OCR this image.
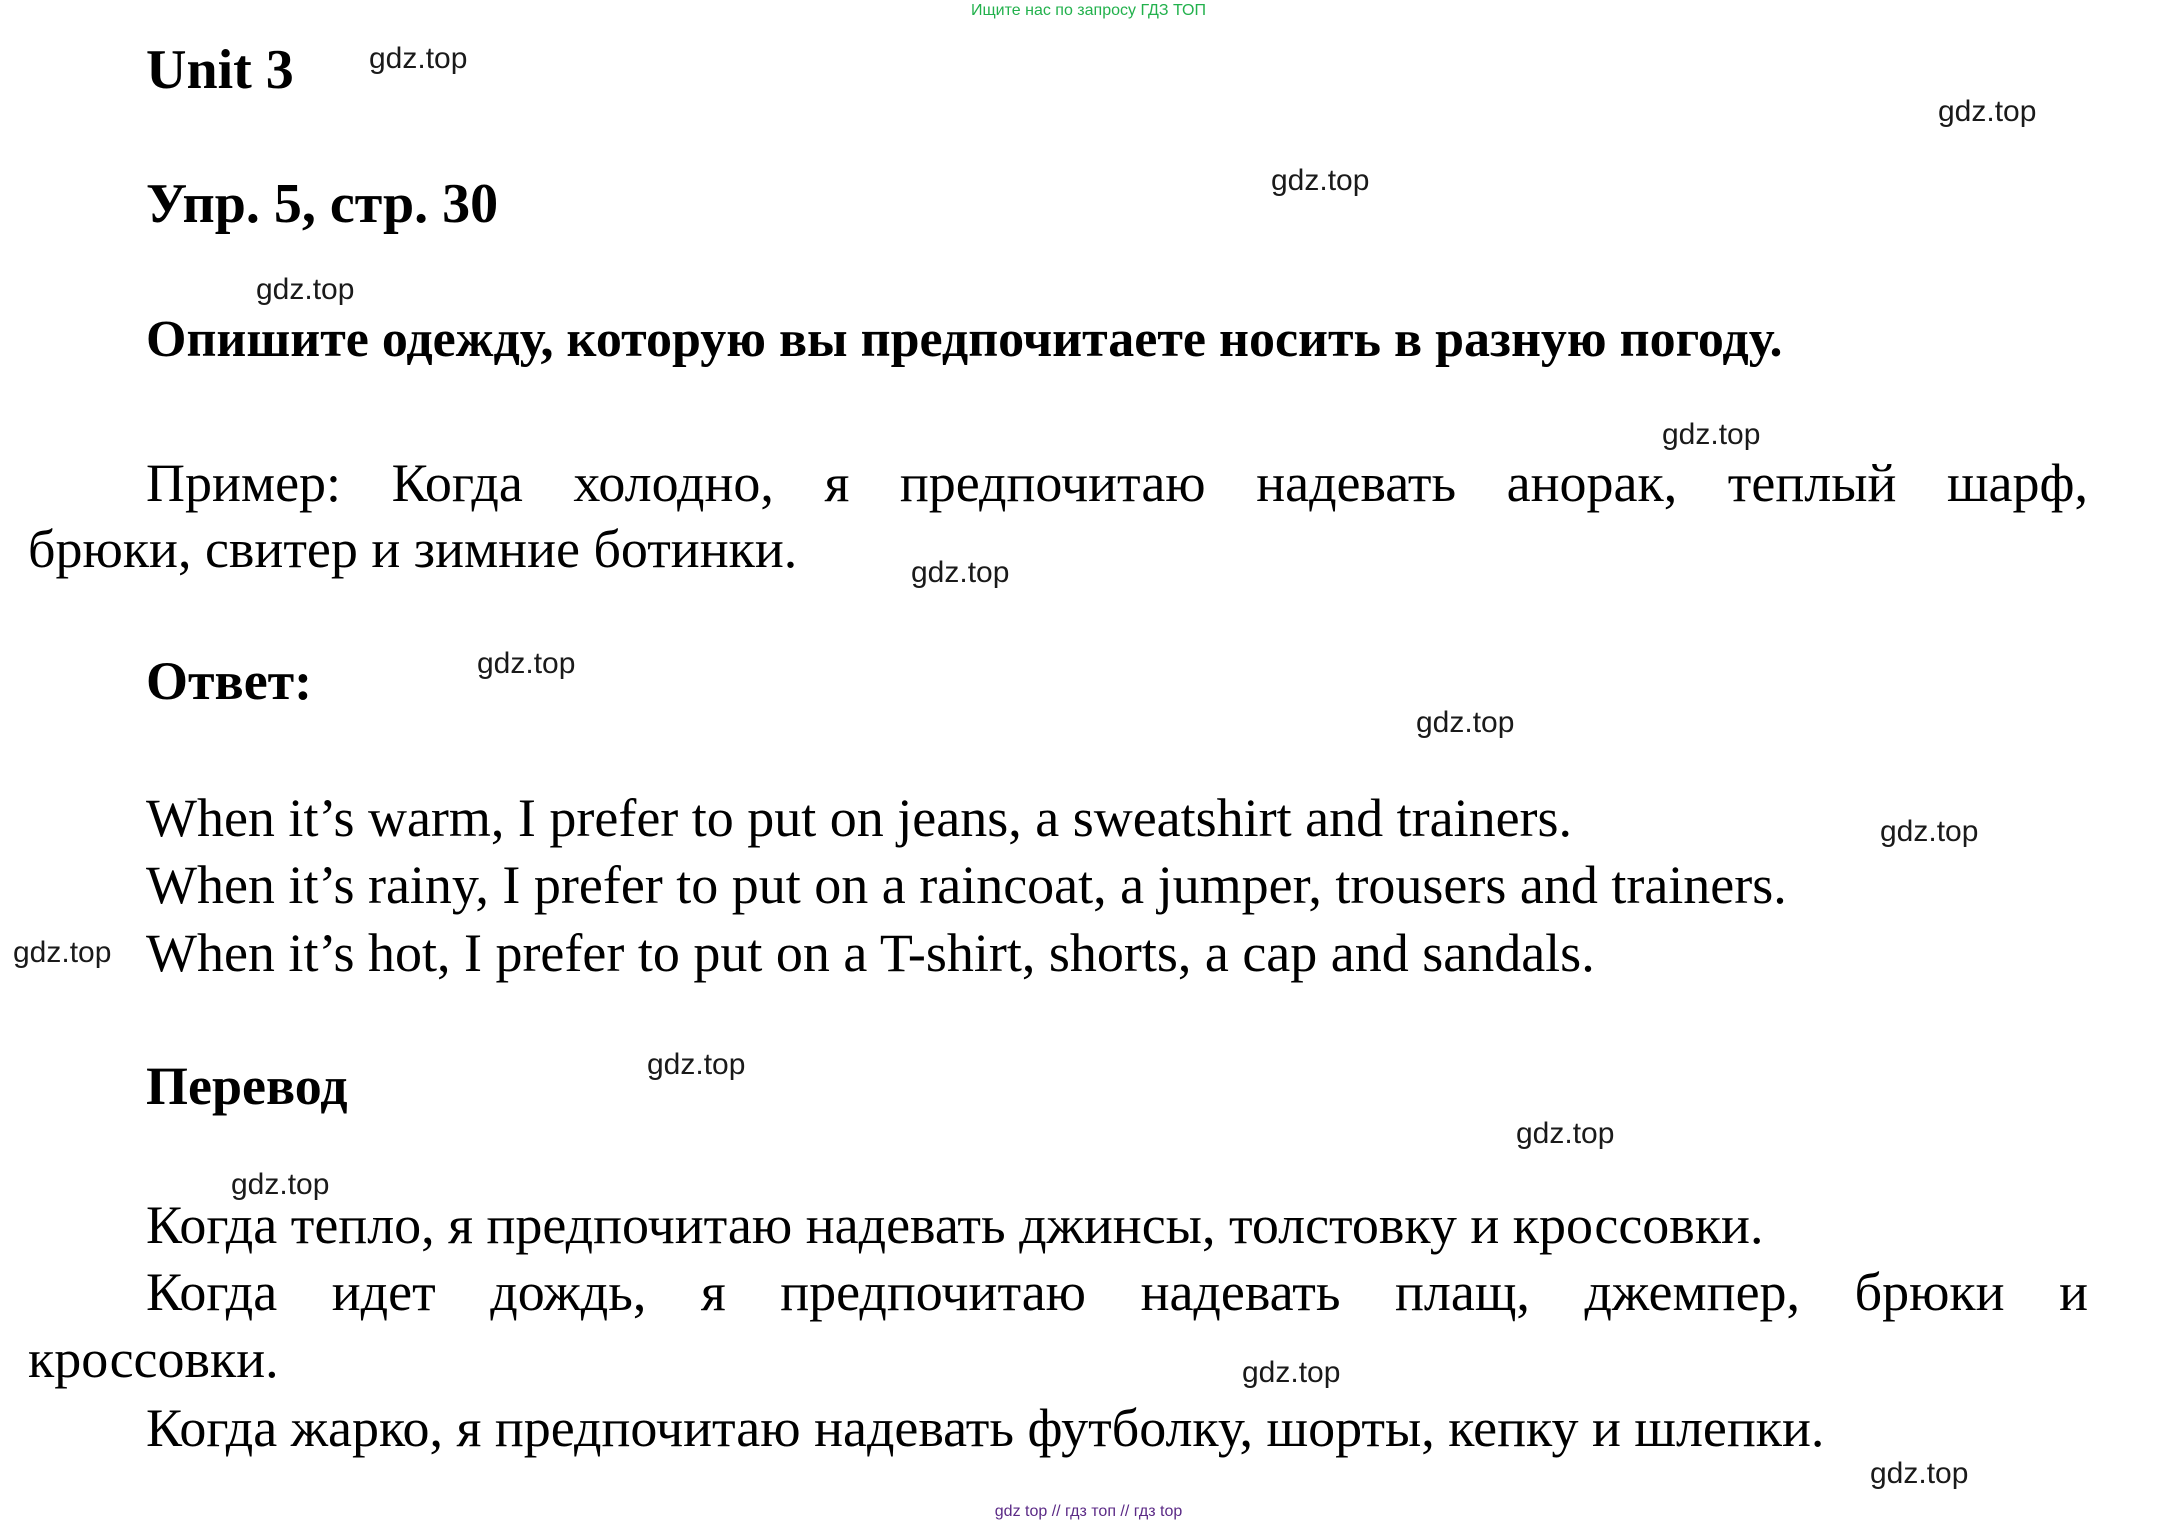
Ищите нас по запросу ГДЗ ТОП
Unit 3
Упр. 5, стр. 30
Опишите одежду, которую вы предпочитаете носить в разную погоду.
Пример: Когда холодно, я предпочитаю надевать анорак, теплый шарф,
брюки, свитер и зимние ботинки.
Ответ:
When it’s warm, I prefer to put on jeans, a sweatshirt and trainers.
When it’s rainy, I prefer to put on a raincoat, a jumper, trousers and trainers.
When it’s hot, I prefer to put on a T-shirt, shorts, a cap and sandals.
Перевод
Когда тепло, я предпочитаю надевать джинсы, толстовку и кроссовки.
Когда идет дождь, я предпочитаю надевать плащ, джемпер, брюки и
кроссовки.
Когда жарко, я предпочитаю надевать футболку, шорты, кепку и шлепки.
gdz.top
gdz.top
gdz.top
gdz.top
gdz.top
gdz.top
gdz.top
gdz.top
gdz.top
gdz.top
gdz.top
gdz.top
gdz.top
gdz.top
gdz.top
gdz top // гдз топ // гдз top
